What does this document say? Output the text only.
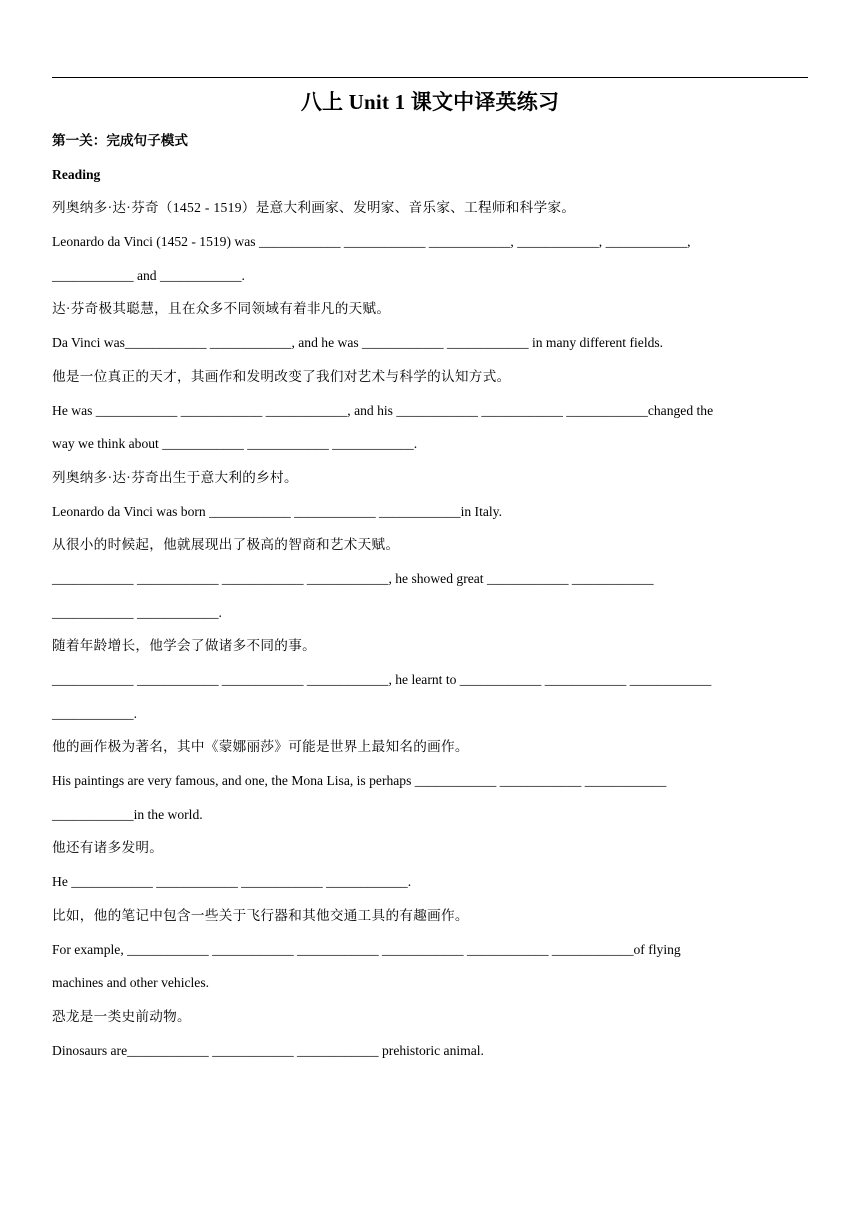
八上 Unit 1 课文中译英练习
第一关：完成句子模式
Reading
列奥纳多·达·芬奇（1452 - 1519）是意大利画家、发明家、音乐家、工程师和科学家。
Leonardo da Vinci (1452 - 1519) was ____________ ____________ ____________, ____________, ____________,
____________ and ____________.
达·芬奇极其聪慧，且在众多不同领域有着非凡的天赋。
Da Vinci was____________ ____________, and he was ____________ ____________ in many different fields.
他是一位真正的天才，其画作和发明改变了我们对艺术与科学的认知方式。
He was ____________ ____________ ____________, and his ____________ ____________ ____________changed the
way we think about ____________ ____________ ____________.
列奥纳多·达·芬奇出生于意大利的乡村。
Leonardo da Vinci was born ____________ ____________ ____________in Italy.
从很小的时候起，他就展现出了极高的智商和艺术天赋。
____________ ____________ ____________ ____________, he showed great ____________ ____________
____________ ____________.
随着年龄增长，他学会了做诸多不同的事。
____________ ____________ ____________ ____________, he learnt to ____________ ____________ ____________
____________.
他的画作极为著名，其中《蒙娜丽莎》可能是世界上最知名的画作。
His paintings are very famous, and one, the Mona Lisa, is perhaps ____________ ____________ ____________
____________in the world.
他还有诸多发明。
He ____________ ____________ ____________ ____________.
比如，他的笔记中包含一些关于飞行器和其他交通工具的有趣画作。
For example, ____________ ____________ ____________ ____________ ____________ ____________of flying
machines and other vehicles.
恐龙是一类史前动物。
Dinosaurs are____________ ____________ ____________ prehistoric animal.
